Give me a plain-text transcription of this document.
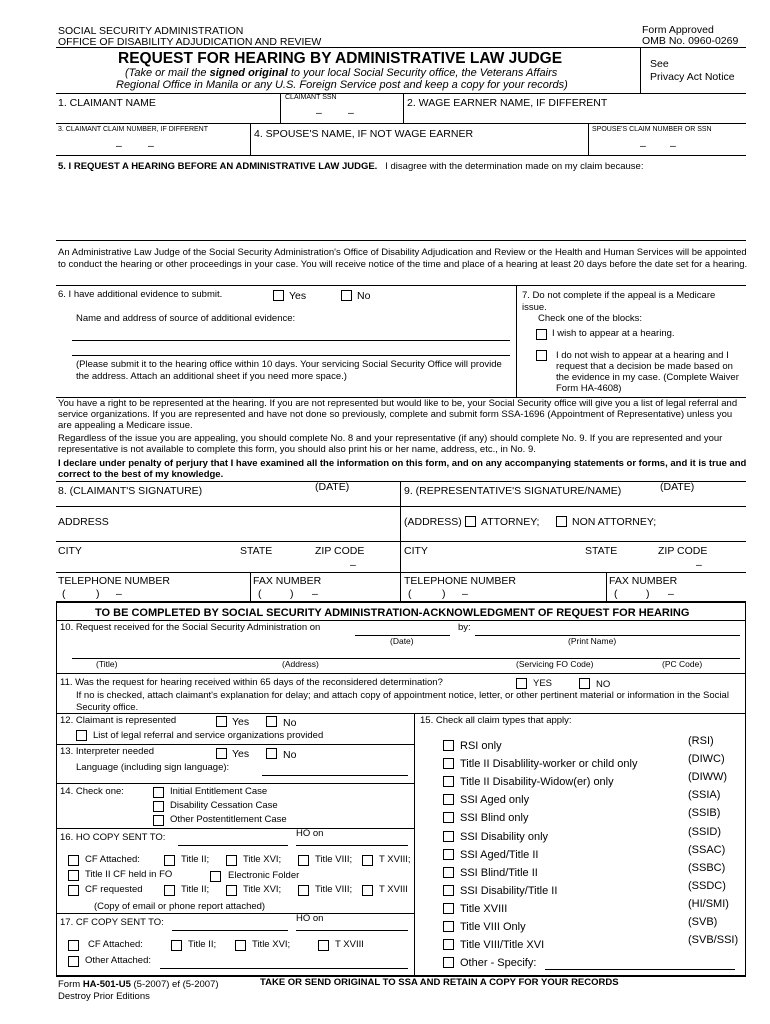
SOCIAL SECURITY ADMINISTRATION
OFFICE OF DISABILITY ADJUDICATION AND REVIEW
Form Approved
OMB No. 0960-0269
REQUEST FOR HEARING BY ADMINISTRATIVE LAW JUDGE
(Take or mail the signed original to your local Social Security office, the Veterans Affairs
Regional Office in Manila or any U.S. Foreign Service post and keep a copy for your records)
See
Privacy Act Notice
1. CLAIMANT NAME	CLAIMANT SSN
– –
2. WAGE EARNER NAME, IF DIFFERENT
3. CLAIMANT CLAIM NUMBER, IF DIFFERENT
– –
4. SPOUSE'S NAME, IF NOT WAGE EARNER	SPOUSE'S CLAIM NUMBER OR SSN
– –
5. I REQUEST A HEARING BEFORE AN ADMINISTRATIVE LAW JUDGE. I disagree with the determination made on my claim because:
An Administrative Law Judge of the Social Security Administration's Office of Disability Adjudication and Review or the Health and Human Services will be appointed to conduct the hearing or other proceedings in your case. You will receive notice of the time and place of a hearing at least 20 days before the date set for a hearing.
6. I have additional evidence to submit.	Yes	No
Name and address of source of additional evidence:
(Please submit it to the hearing office within 10 days. Your servicing Social Security Office will provide the address. Attach an additional sheet if you need more space.)
7. Do not complete if the appeal is a Medicare issue.
Check one of the blocks:
I wish to appear at a hearing.
I do not wish to appear at a hearing and I request that a decision be made based on the evidence in my case. (Complete Waiver Form HA-4608)
You have a right to be represented at the hearing. If you are not represented but would like to be, your Social Security office will give you a list of legal referral and service organizations. If you are represented and have not done so previously, complete and submit form SSA-1696 (Appointment of Representative) unless you are appealing a Medicare issue.
Regardless of the issue you are appealing, you should complete No. 8 and your representative (if any) should complete No. 9. If you are represented and your representative is not available to complete this form, you should also print his or her name, address, etc., in No. 9.
I declare under penalty of perjury that I have examined all the information on this form, and on any accompanying statements or forms, and it is true and correct to the best of my knowledge.
8. (CLAIMANT'S SIGNATURE)	(DATE)	9. (REPRESENTATIVE'S SIGNATURE/NAME)	(DATE)
ADDRESS	(ADDRESS) ATTORNEY;	NON ATTORNEY;
CITY	STATE	ZIP CODE
–
CITY	STATE	ZIP CODE
–
TELEPHONE NUMBER
(	) –
FAX NUMBER
(	) –
TELEPHONE NUMBER
(	) –
FAX NUMBER
(	) –
TO BE COMPLETED BY SOCIAL SECURITY ADMINISTRATION-ACKNOWLEDGMENT OF REQUEST FOR HEARING
10. Request received for the Social Security Administration on	by:
(Date)	(Print Name)
(Title)	(Address)	(Servicing FO Code)	(PC Code)
11. Was the request for hearing received within 65 days of the reconsidered determination?	YES	NO
If no is checked, attach claimant's explanation for delay; and attach copy of appointment notice, letter, or other pertinent material or information in the Social Security office.
12. Claimant is represented	Yes	No
List of legal referral and service organizations provided
13. Interpreter needed	Yes	No
Language (including sign language):
14. Check one:	Initial Entitlement Case
Disability Cessation Case
Other Postentitlement Case
16. HO COPY SENT TO:	HO on
CF Attached:	Title II;	Title XVI;	Title VIII;	T XVIII;
Title II CF held in FO	Electronic Folder
CF requested	Title II;	Title XVI;	Title VIII;	T XVIII
(Copy of email or phone report attached)
17. CF COPY SENT TO:	HO on
CF Attached:	Title II;	Title XVI;	T XVIII
Other Attached:
15. Check all claim types that apply:
RSI only	(RSI)
Title II Disablility-worker or child only	(DIWC)
Title II Disability-Widow(er) only	(DIWW)
SSI Aged only	(SSIA)
SSI Blind only	(SSIB)
SSI Disability only	(SSID)
SSI Aged/Title II	(SSAC)
SSI Blind/Title II	(SSBC)
SSI Disability/Title II	(SSDC)
Title XVIII	(HI/SMI)
Title VIII Only	(SVB)
Title VIII/Title XVI	(SVB/SSI)
Other - Specify:
Form HA-501-U5 (5-2007) ef (5-2007)
Destroy Prior Editions
TAKE OR SEND ORIGINAL TO SSA AND RETAIN A COPY FOR YOUR RECORDS
